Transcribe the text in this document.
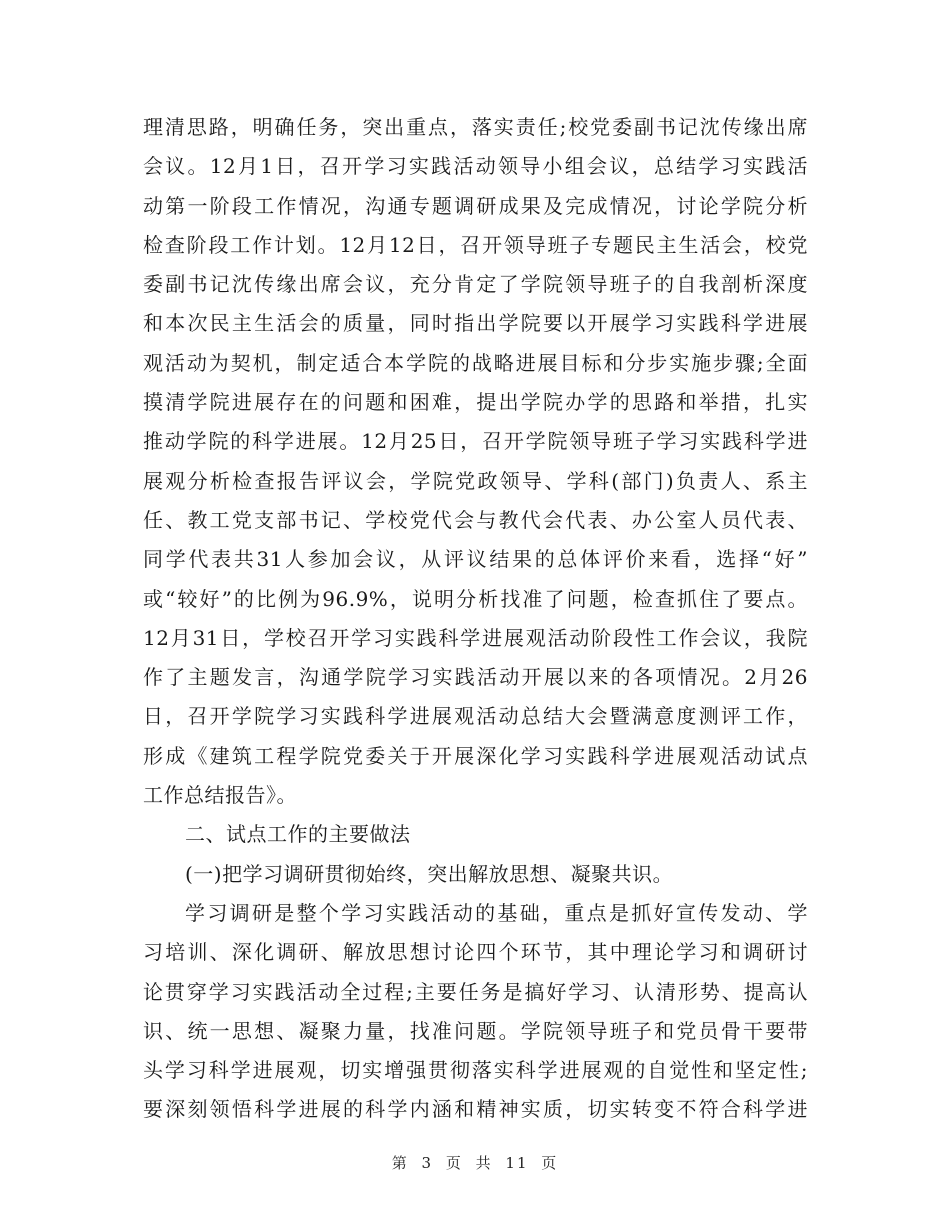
理清思路，明确任务，突出重点，落实责任;校党委副书记沈传缘出席
会议。12月1日，召开学习实践活动领导小组会议，总结学习实践活
动第一阶段工作情况，沟通专题调研成果及完成情况，讨论学院分析
检查阶段工作计划。12月12日，召开领导班子专题民主生活会，校党
委副书记沈传缘出席会议，充分肯定了学院领导班子的自我剖析深度
和本次民主生活会的质量，同时指出学院要以开展学习实践科学进展
观活动为契机，制定适合本学院的战略进展目标和分步实施步骤;全面
摸清学院进展存在的问题和困难，提出学院办学的思路和举措，扎实
推动学院的科学进展。12月25日，召开学院领导班子学习实践科学进
展观分析检查报告评议会，学院党政领导、学科(部门)负责人、系主
任、教工党支部书记、学校党代会与教代会代表、办公室人员代表、
同学代表共31人参加会议，从评议结果的总体评价来看，选择“好”
或“较好”的比例为96.9%，说明分析找准了问题，检查抓住了要点。
12月31日，学校召开学习实践科学进展观活动阶段性工作会议，我院
作了主题发言，沟通学院学习实践活动开展以来的各项情况。2月26
日，召开学院学习实践科学进展观活动总结大会暨满意度测评工作，
形成《建筑工程学院党委关于开展深化学习实践科学进展观活动试点
工作总结报告》。
二、试点工作的主要做法
(一)把学习调研贯彻始终，突出解放思想、凝聚共识。
学习调研是整个学习实践活动的基础，重点是抓好宣传发动、学
习培训、深化调研、解放思想讨论四个环节，其中理论学习和调研讨
论贯穿学习实践活动全过程;主要任务是搞好学习、认清形势、提高认
识、统一思想、凝聚力量，找准问题。学院领导班子和党员骨干要带
头学习科学进展观，切实增强贯彻落实科学进展观的自觉性和坚定性;
要深刻领悟科学进展的科学内涵和精神实质，切实转变不符合科学进
第 3 页 共 11 页
